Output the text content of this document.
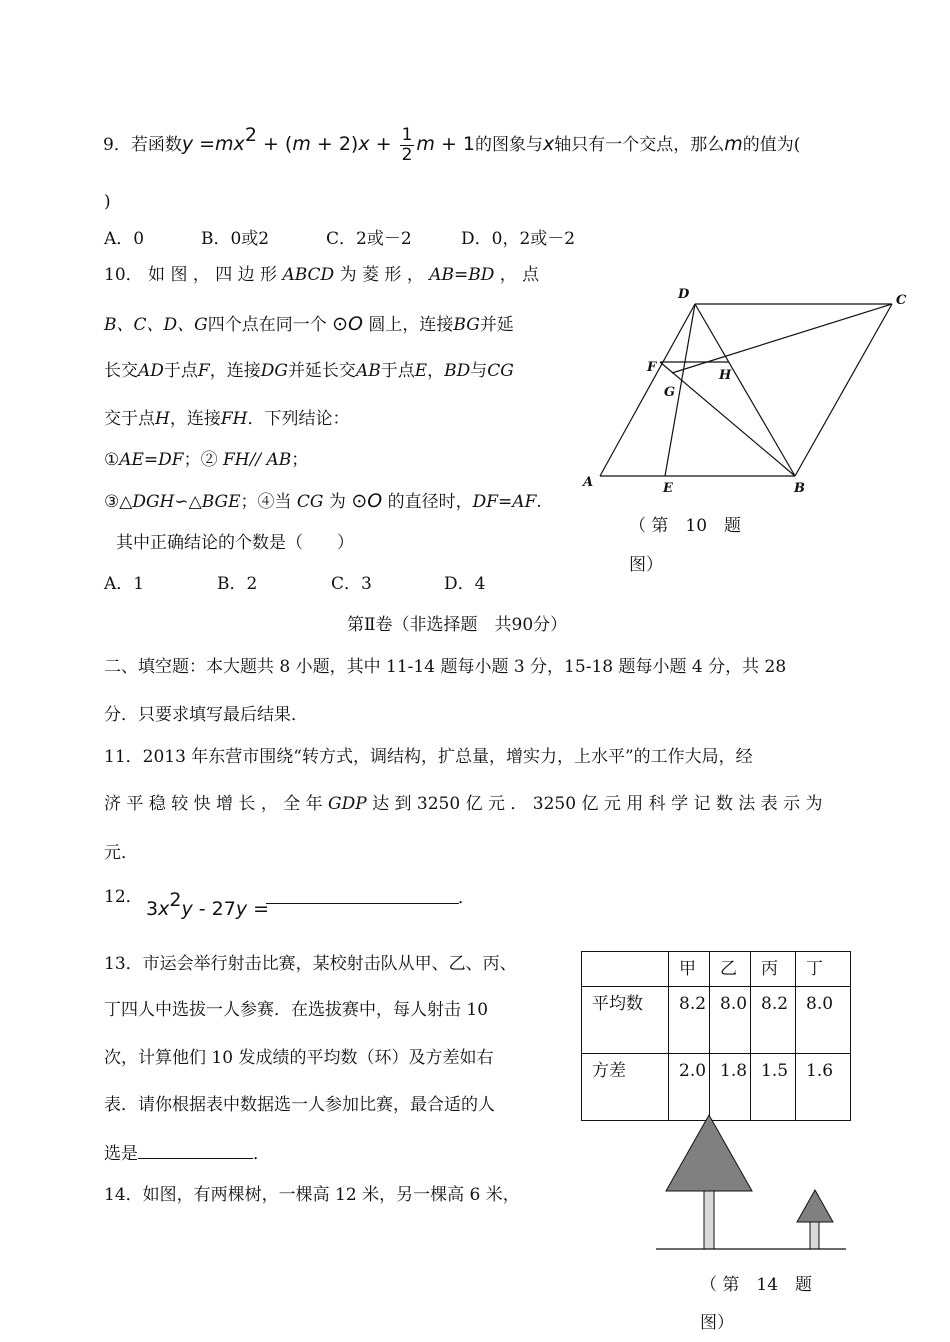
9．若函数$y =mx^2 + (m + 2)x + \frac{1}{2}$ m + 1的图象与x轴只有一个交点，那么m的值为(
)
A．0	B．0或2	C．2或－2	D．0，2或－2
10． 如 图 ， 四 边 形 ABCD 为 菱 形 ， AB=BD ， 点
B、C、D、G四个点在同一个 ⊙O 圆上，连接BG并延
长交AD于点F，连接DG并延长交AB于点E，BD与CG
交于点H，连接FH．下列结论：
①AE=DF；② FH// AB；
③△DGH∽△BGE；④当 CG 为 ⊙O 的直径时，DF=AF.
其中正确结论的个数是（　　）
A．1	B．2	C．3	D．4
D	C
F
G
H
A	E	B
（ 第　10　题
图）
第Ⅱ卷（非选择题　共90分）
二、填空题：本大题共 8 小题，其中 11-14 题每小题 3 分，15-18 题每小题 4 分，共 28
分．只要求填写最后结果．
11．2013 年东营市围绕“转方式，调结构，扩总量，增实力，上水平”的工作大局，经
济 平 稳 较 快 增 长 ， 全 年 GDP 达 到 3250 亿 元 ． 3250 亿 元 用 科 学 记 数 法 表 示 为
元．
12．
$3x^2y - 27y$ =	．
13．市运会举行射击比赛，某校射击队从甲、乙、丙、
丁四人中选拔一人参赛．在选拔赛中，每人射击 10
次，计算他们 10 发成绩的平均数（环）及方差如右
表．请你根据表中数据选一人参加比赛，最合适的人
选是	．
	甲	乙	丙	丁
平均数	8.2	8.0	8.2	8.0
方差	2.0	1.8	1.5	1.6
14．如图，有两棵树，一棵高 12 米，另一棵高 6 米，
（ 第　14　题
图）
